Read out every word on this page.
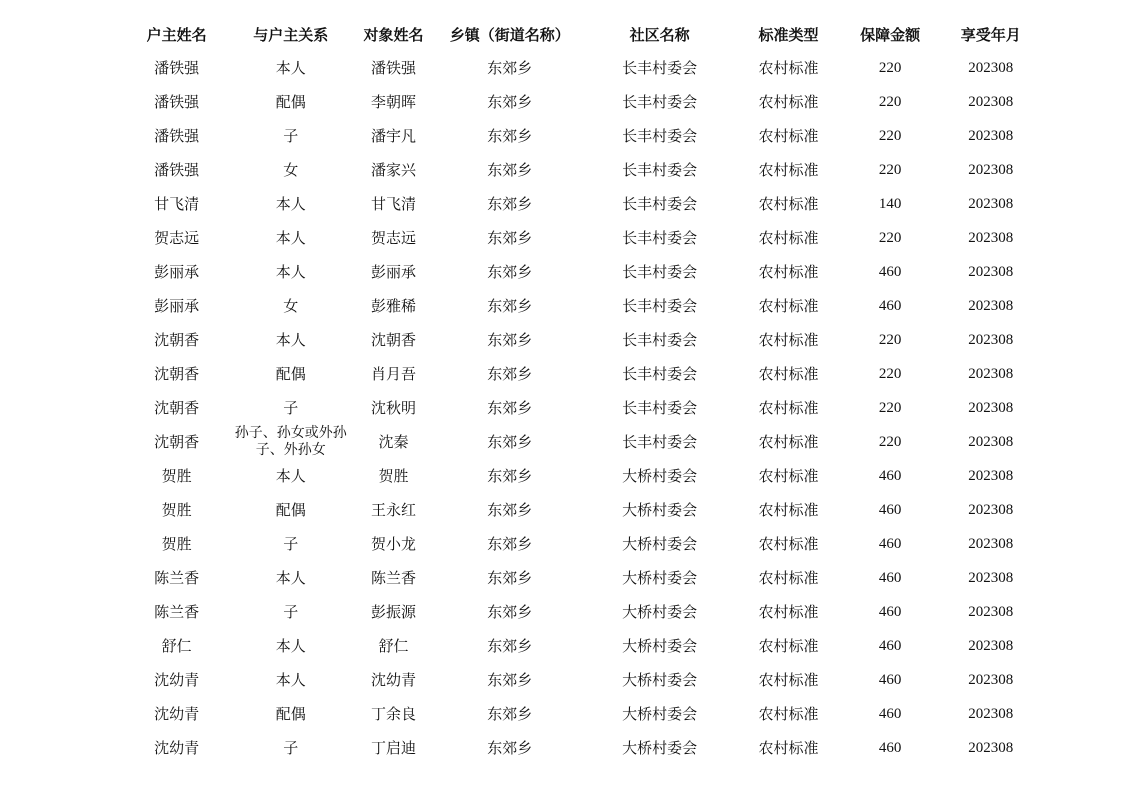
户主姓名	与户主关系	对象姓名	乡镇（街道名称）	社区名称	标准类型	保障金额	享受年月
潘铁强	本人	潘铁强	东郊乡	长丰村委会	农村标准	220	202308
潘铁强	配偶	李朝晖	东郊乡	长丰村委会	农村标准	220	202308
潘铁强	子	潘宇凡	东郊乡	长丰村委会	农村标准	220	202308
潘铁强	女	潘家兴	东郊乡	长丰村委会	农村标准	220	202308
甘飞清	本人	甘飞清	东郊乡	长丰村委会	农村标准	140	202308
贺志远	本人	贺志远	东郊乡	长丰村委会	农村标准	220	202308
彭丽承	本人	彭丽承	东郊乡	长丰村委会	农村标准	460	202308
彭丽承	女	彭雅稀	东郊乡	长丰村委会	农村标准	460	202308
沈朝香	本人	沈朝香	东郊乡	长丰村委会	农村标准	220	202308
沈朝香	配偶	肖月吾	东郊乡	长丰村委会	农村标准	220	202308
沈朝香	子	沈秋明	东郊乡	长丰村委会	农村标准	220	202308
沈朝香	孙子、孙女或外孙子、外孙女	沈秦	东郊乡	长丰村委会	农村标准	220	202308
贺胜	本人	贺胜	东郊乡	大桥村委会	农村标准	460	202308
贺胜	配偶	王永红	东郊乡	大桥村委会	农村标准	460	202308
贺胜	子	贺小龙	东郊乡	大桥村委会	农村标准	460	202308
陈兰香	本人	陈兰香	东郊乡	大桥村委会	农村标准	460	202308
陈兰香	子	彭振源	东郊乡	大桥村委会	农村标准	460	202308
舒仁	本人	舒仁	东郊乡	大桥村委会	农村标准	460	202308
沈幼青	本人	沈幼青	东郊乡	大桥村委会	农村标准	460	202308
沈幼青	配偶	丁余良	东郊乡	大桥村委会	农村标准	460	202308
沈幼青	子	丁启迪	东郊乡	大桥村委会	农村标准	460	202308
